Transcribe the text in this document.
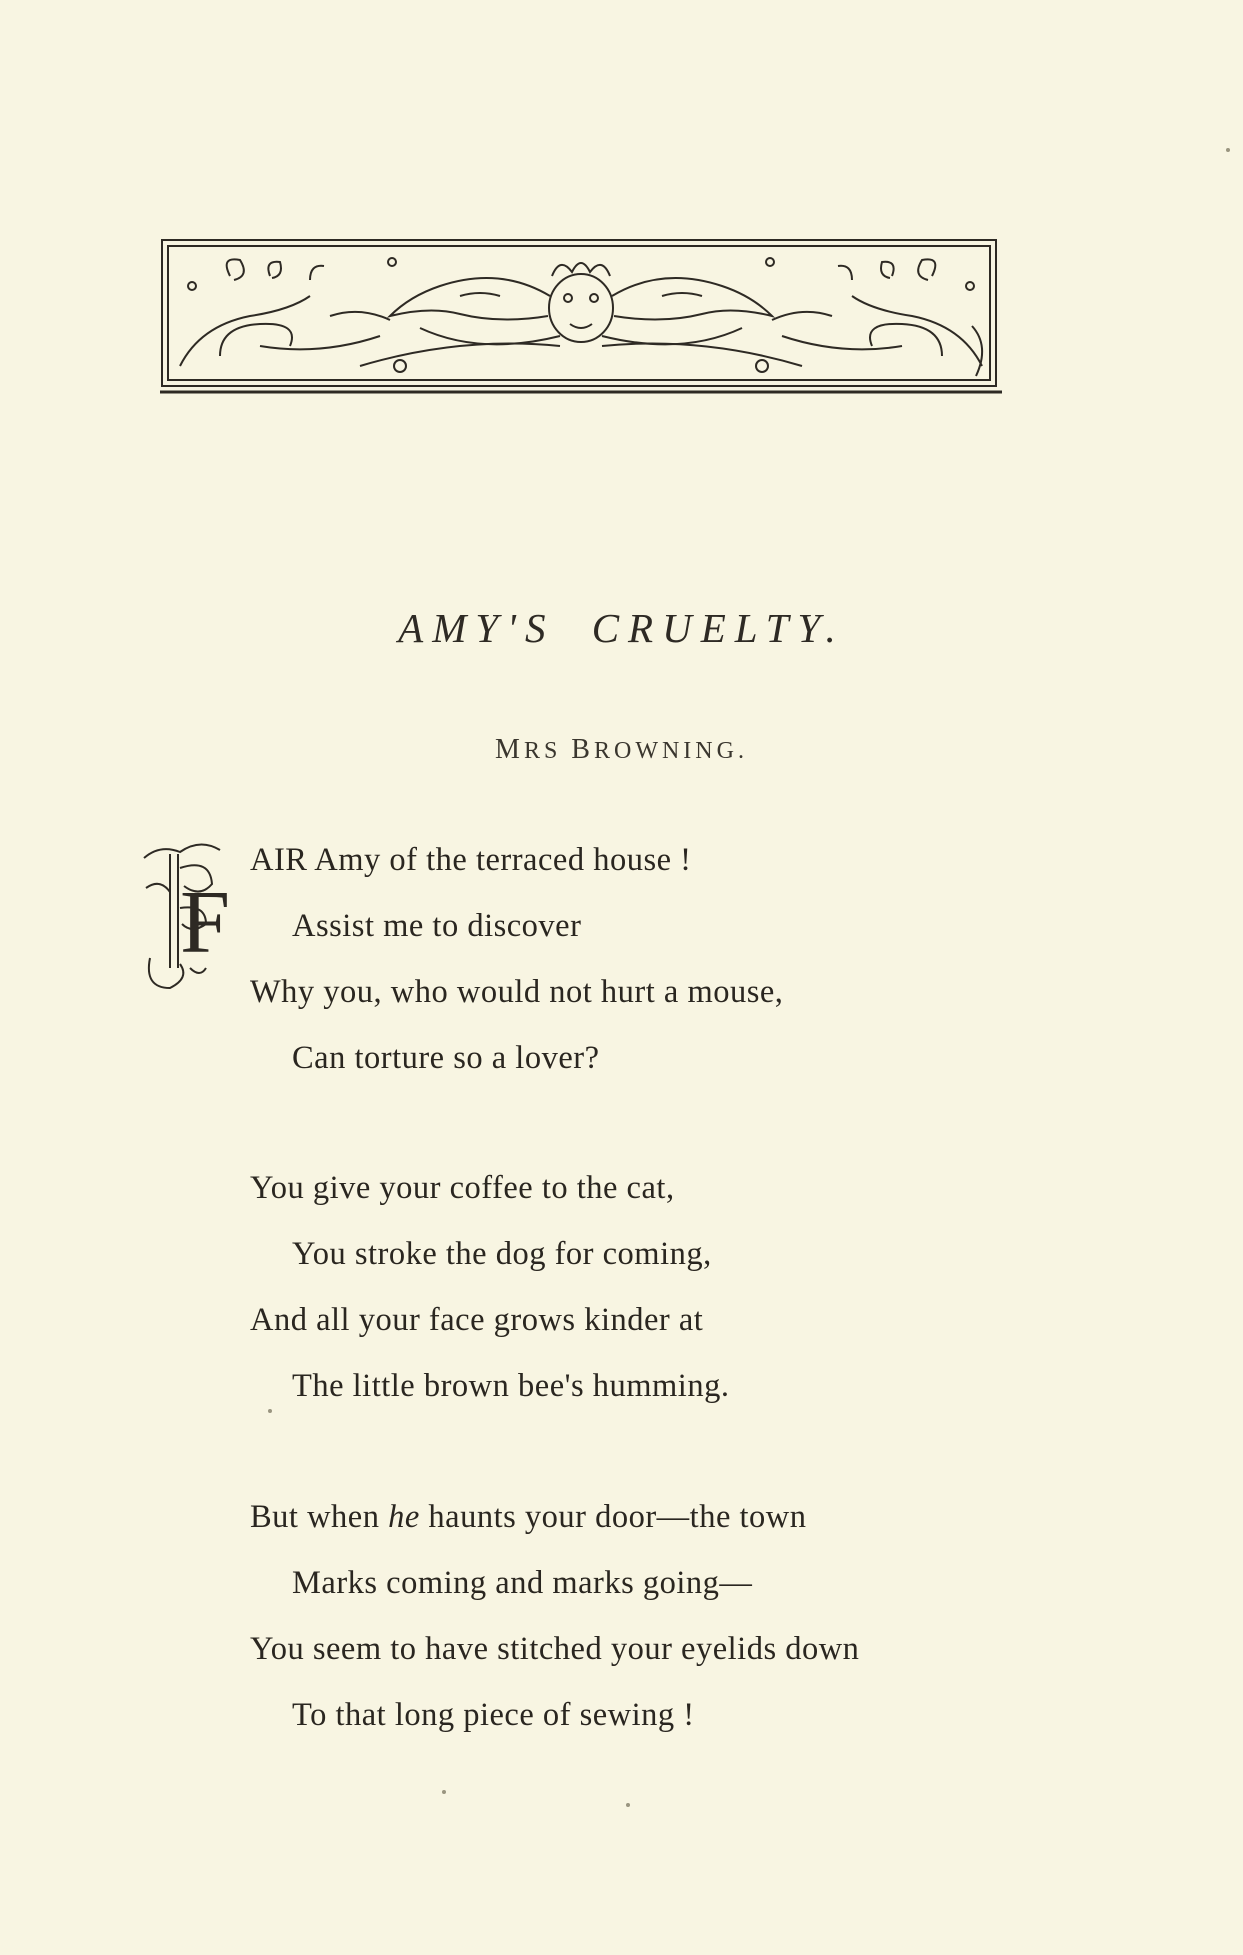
AMY'S CRUELTY.
MRS BROWNING.
F
AIR Amy of the terraced house !
Assist me to discover
Why you, who would not hurt a mouse,
Can torture so a lover?
You give your coffee to the cat,
You stroke the dog for coming,
And all your face grows kinder at
The little brown bee's humming.
But when he haunts your door—the town
Marks coming and marks going—
You seem to have stitched your eyelids down
To that long piece of sewing !
